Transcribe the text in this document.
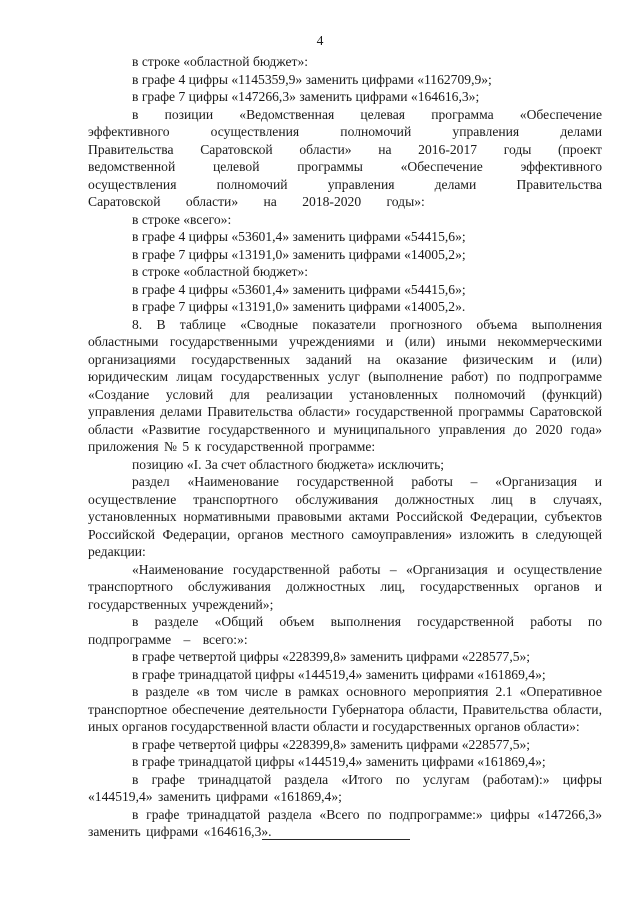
4

в строке «областной бюджет»:

в графе 4 цифры «1145359,9» заменить цифрами «1162709,9»;

в графе 7 цифры «147266,3» заменить цифрами «164616,3»;

в позиции «Ведомственная целевая программа «Обеспечение эффективного осуществления полномочий управления делами Правительства Саратовской области» на 2016-2017 годы (проект ведомственной целевой программы «Обеспечение эффективного осуществления полномочий управления делами Правительства Саратовской области» на 2018-2020 годы»:

в строке «всего»:

в графе 4 цифры «53601,4» заменить цифрами «54415,6»;

в графе 7 цифры «13191,0» заменить цифрами «14005,2»;

в строке «областной бюджет»:

в графе 4 цифры «53601,4» заменить цифрами «54415,6»;

в графе 7 цифры «13191,0» заменить цифрами «14005,2».

8. В таблице «Сводные показатели прогнозного объема выполнения областными государственными учреждениями и (или) иными некоммерческими организациями государственных заданий на оказание физическим и (или) юридическим лицам государственных услуг (выполнение работ) по подпрограмме «Создание условий для реализации установленных полномочий (функций) управления делами Правительства области» государственной программы Саратовской области «Развитие государственного и муниципального управления до 2020 года» приложения № 5 к государственной программе:

позицию «I. За счет областного бюджета» исключить;

раздел «Наименование государственной работы – «Организация и осуществление транспортного обслуживания должностных лиц в случаях, установленных нормативными правовыми актами Российской Федерации, субъектов Российской Федерации, органов местного самоуправления» изложить в следующей редакции:

«Наименование государственной работы – «Организация и осуществление транспортного обслуживания должностных лиц, государственных органов и государственных учреждений»;

в разделе «Общий объем выполнения государственной работы по подпрограмме – всего:»:

в графе четвертой цифры «228399,8» заменить цифрами «228577,5»;

в графе тринадцатой цифры «144519,4» заменить цифрами «161869,4»;

в разделе «в том числе в рамках основного мероприятия 2.1 «Оперативное транспортное обеспечение деятельности Губернатора области, Правительства области, иных органов государственной власти области и государственных органов области»:

в графе четвертой цифры «228399,8» заменить цифрами «228577,5»;

в графе тринадцатой цифры «144519,4» заменить цифрами «161869,4»;

в графе тринадцатой раздела «Итого по услугам (работам):» цифры «144519,4» заменить цифрами «161869,4»;

в графе тринадцатой раздела «Всего по подпрограмме:» цифры «147266,3» заменить цифрами «164616,3».
